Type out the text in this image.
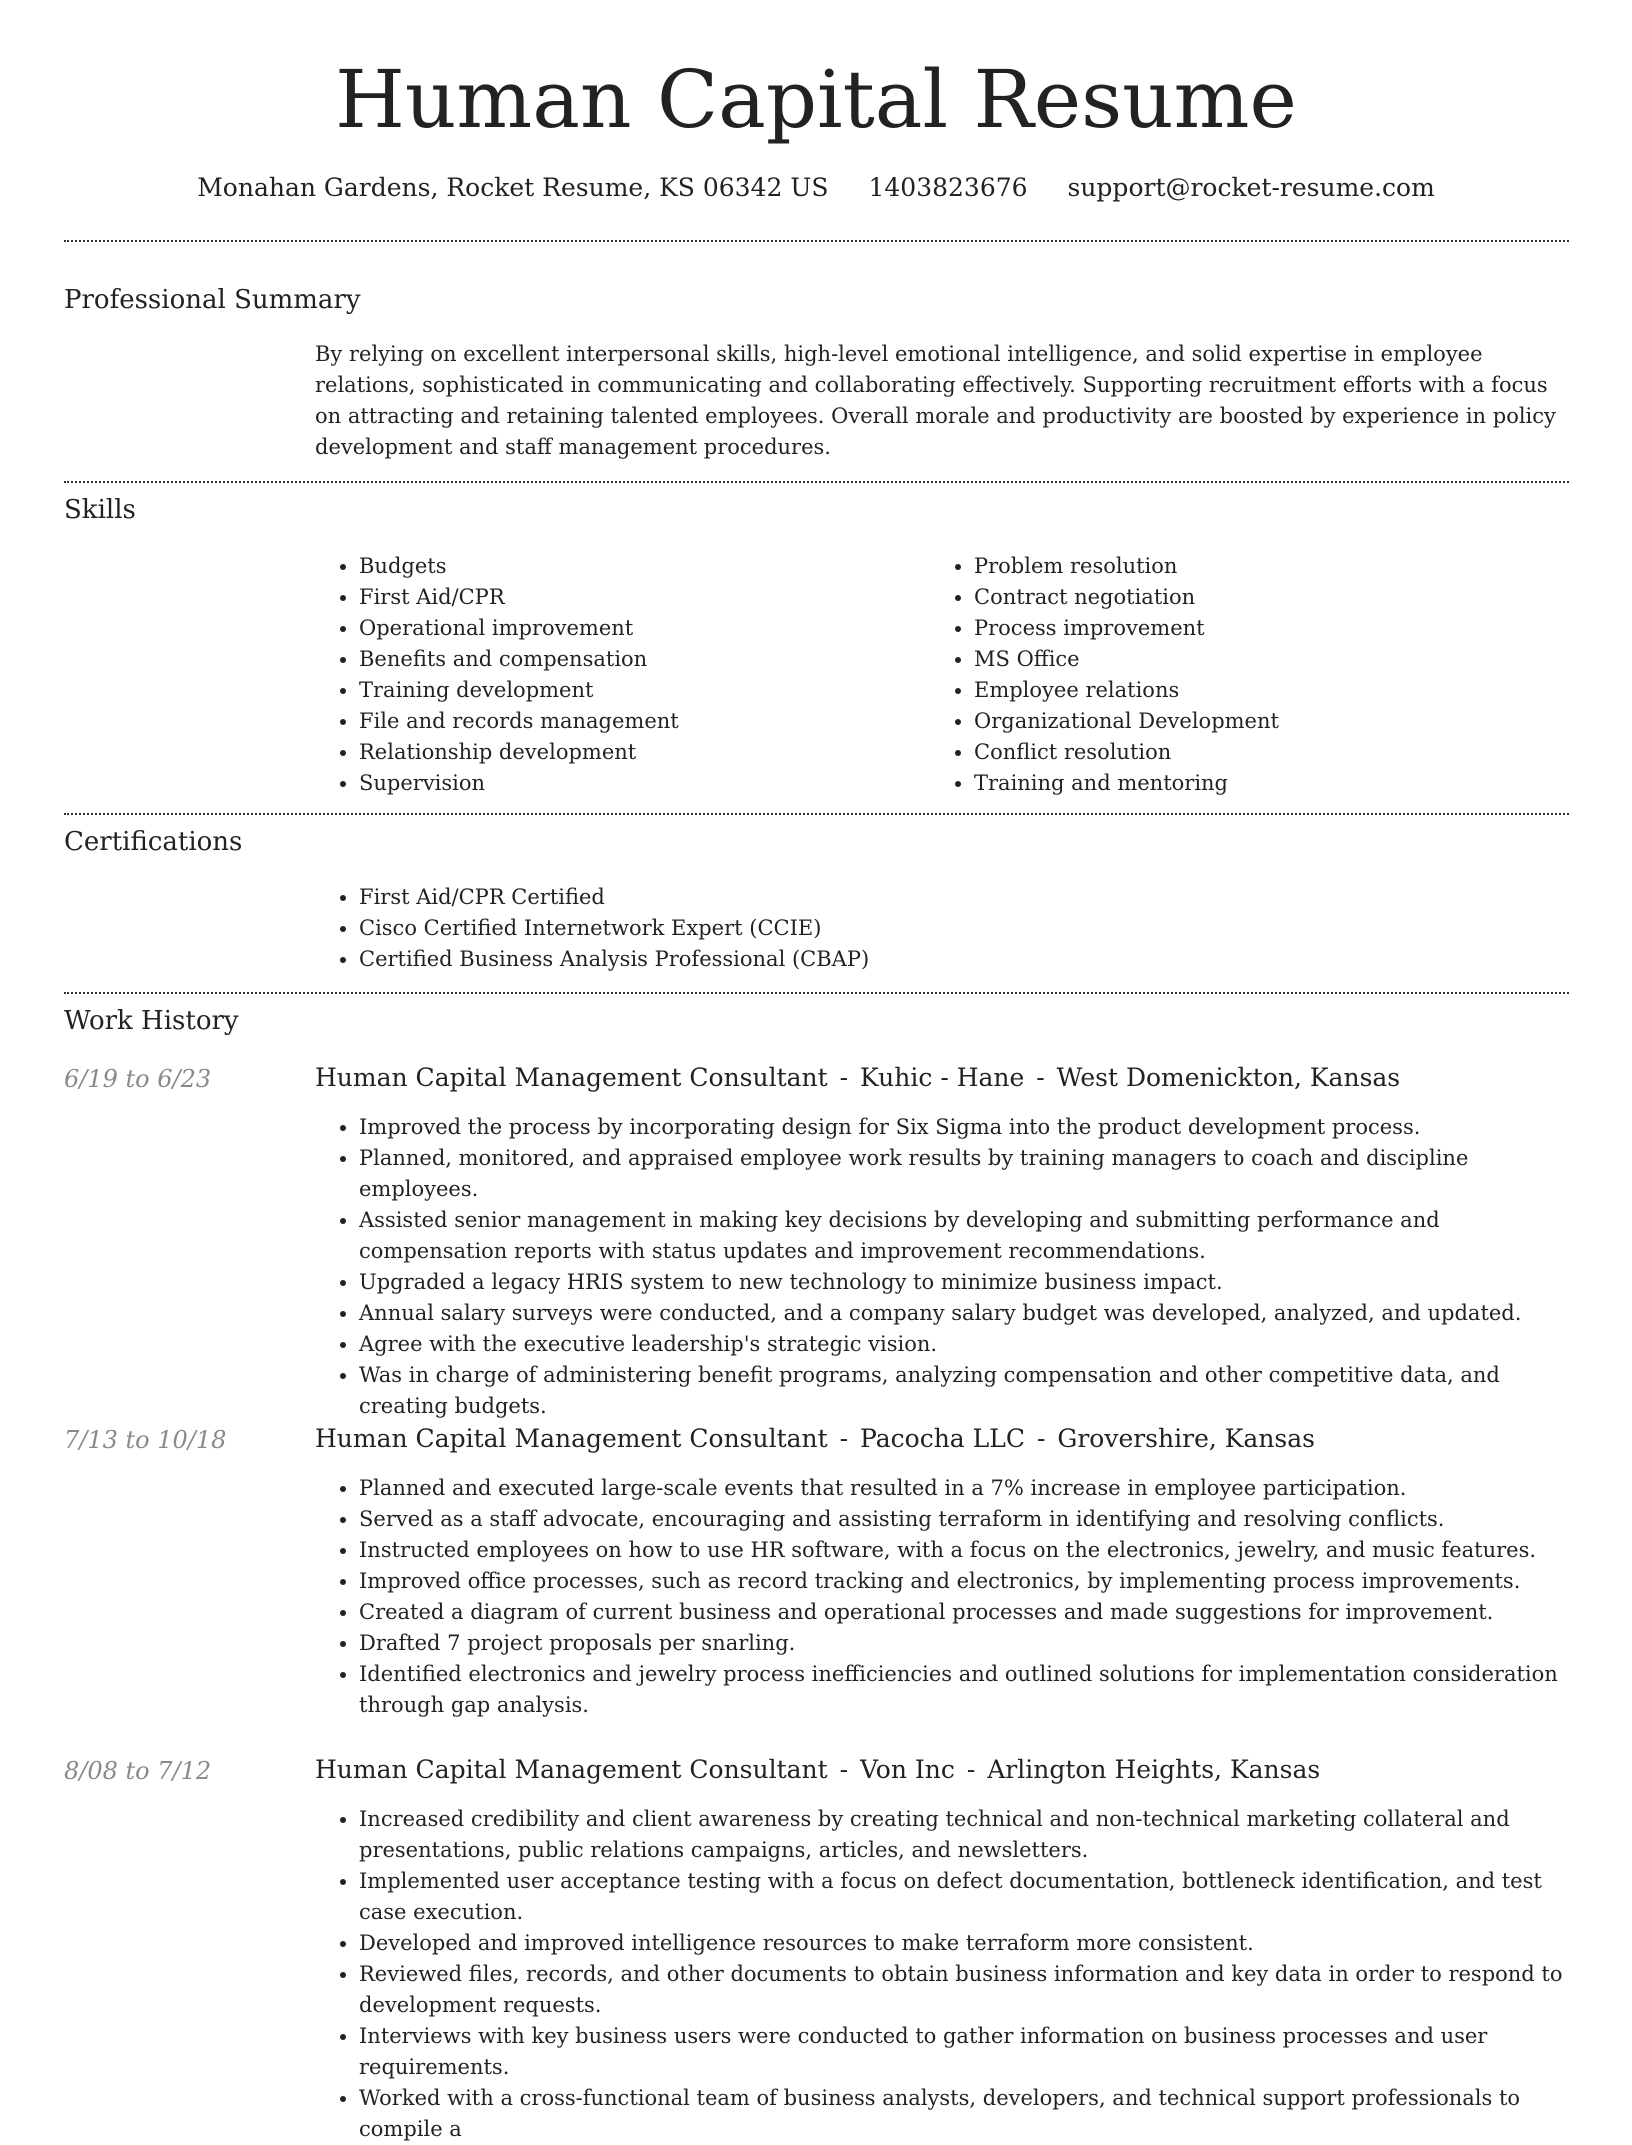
Human Capital Resume
Monahan Gardens, Rocket Resume, KS 06342 US 1403823676 support@rocket-resume.com
Professional Summary

By relying on excellent interpersonal skills, high-level emotional intelligence, and solid expertise in employee relations, sophisticated in communicating and collaborating effectively. Supporting recruitment efforts with a focus on attracting and retaining talented employees. Overall morale and productivity are boosted by experience in policy development and staff management procedures.

Skills
• Budgets
• First Aid/CPR
• Operational improvement
• Benefits and compensation
• Training development
• File and records management
• Relationship development
• Supervision
• Problem resolution
• Contract negotiation
• Process improvement
• MS Office
• Employee relations
• Organizational Development
• Conflict resolution
• Training and mentoring
Certifications
• First Aid/CPR Certified
• Cisco Certified Internetwork Expert (CCIE)
• Certified Business Analysis Professional (CBAP)
Work History
6/19 to 6/23	Human Capital Management Consultant - Kuhic - Hane - West Domenickton, Kansas
• Improved the process by incorporating design for Six Sigma into the product development process.
• Planned, monitored, and appraised employee work results by training managers to coach and discipline employees.
• Assisted senior management in making key decisions by developing and submitting performance and compensation reports with status updates and improvement recommendations.
• Upgraded a legacy HRIS system to new technology to minimize business impact.
• Annual salary surveys were conducted, and a company salary budget was developed, analyzed, and updated.
• Agree with the executive leadership's strategic vision.
• Was in charge of administering benefit programs, analyzing compensation and other competitive data, and creating budgets.
7/13 to 10/18	Human Capital Management Consultant - Pacocha LLC - Grovershire, Kansas
• Planned and executed large-scale events that resulted in a 7% increase in employee participation.
• Served as a staff advocate, encouraging and assisting terraform in identifying and resolving conflicts.
• Instructed employees on how to use HR software, with a focus on the electronics, jewelry, and music features.
• Improved office processes, such as record tracking and electronics, by implementing process improvements.
• Created a diagram of current business and operational processes and made suggestions for improvement.
• Drafted 7 project proposals per snarling.
• Identified electronics and jewelry process inefficiencies and outlined solutions for implementation consideration through gap analysis.
8/08 to 7/12	Human Capital Management Consultant - Von Inc - Arlington Heights, Kansas
• Increased credibility and client awareness by creating technical and non-technical marketing collateral and presentations, public relations campaigns, articles, and newsletters.
• Implemented user acceptance testing with a focus on defect documentation, bottleneck identification, and test case execution.
• Developed and improved intelligence resources to make terraform more consistent.
• Reviewed files, records, and other documents to obtain business information and key data in order to respond to development requests.
• Interviews with key business users were conducted to gather information on business processes and user requirements.
• Worked with a cross-functional team of business analysts, developers, and technical support professionals to compile a
